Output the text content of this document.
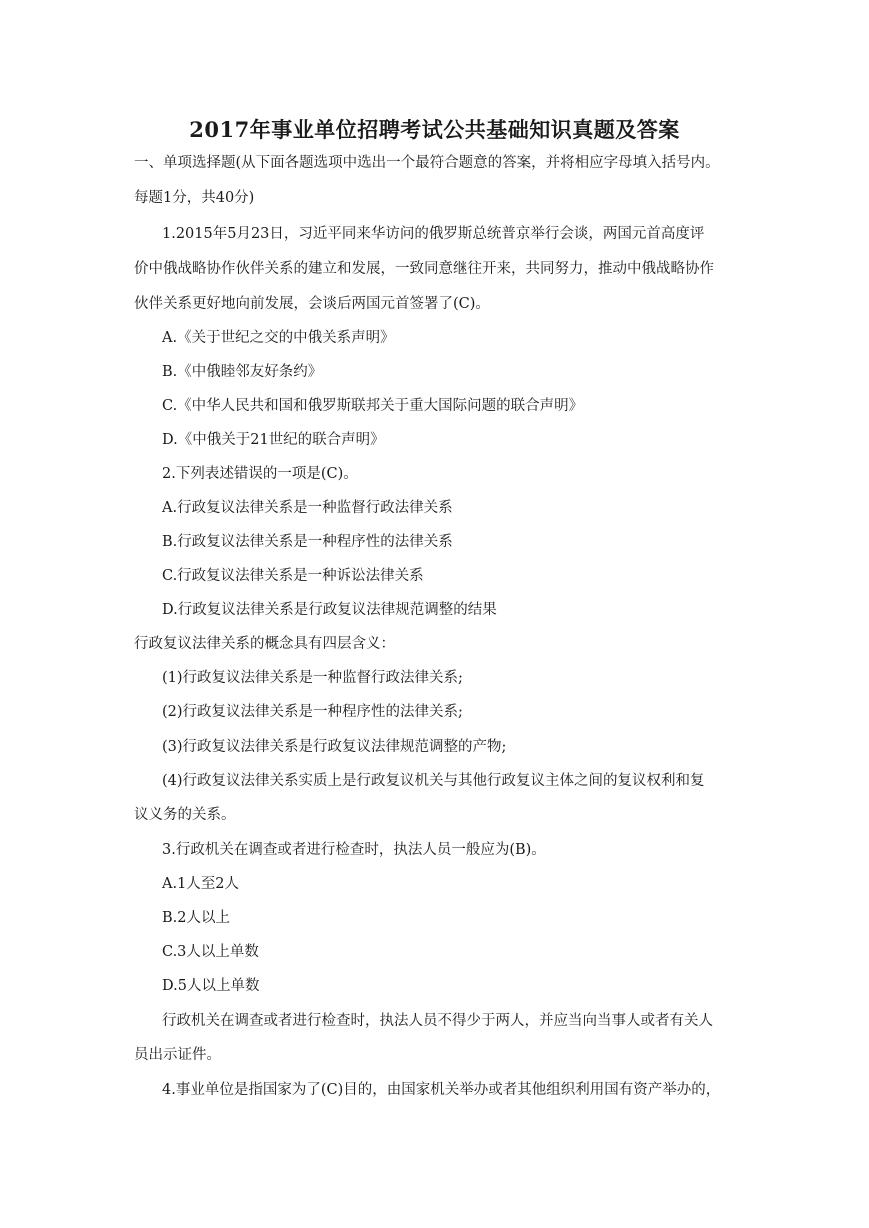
2017年事业单位招聘考试公共基础知识真题及答案
一、单项选择题(从下面各题选项中选出一个最符合题意的答案，并将相应字母填入括号内。
每题1分，共40分)
1.2015年5月23日，习近平同来华访问的俄罗斯总统普京举行会谈，两国元首高度评
价中俄战略协作伙伴关系的建立和发展，一致同意继往开来，共同努力，推动中俄战略协作
伙伴关系更好地向前发展，会谈后两国元首签署了(C)。
A.《关于世纪之交的中俄关系声明》
B.《中俄睦邻友好条约》
C.《中华人民共和国和俄罗斯联邦关于重大国际问题的联合声明》
D.《中俄关于21世纪的联合声明》
2.下列表述错误的一项是(C)。
A.行政复议法律关系是一种监督行政法律关系
B.行政复议法律关系是一种程序性的法律关系
C.行政复议法律关系是一种诉讼法律关系
D.行政复议法律关系是行政复议法律规范调整的结果
行政复议法律关系的概念具有四层含义：
(1)行政复议法律关系是一种监督行政法律关系;
(2)行政复议法律关系是一种程序性的法律关系;
(3)行政复议法律关系是行政复议法律规范调整的产物;
(4)行政复议法律关系实质上是行政复议机关与其他行政复议主体之间的复议权利和复
议义务的关系。
3.行政机关在调查或者进行检查时，执法人员一般应为(B)。
A.1人至2人
B.2人以上
C.3人以上单数
D.5人以上单数
行政机关在调查或者进行检查时，执法人员不得少于两人，并应当向当事人或者有关人
员出示证件。
4.事业单位是指国家为了(C)目的，由国家机关举办或者其他组织利用国有资产举办的，
